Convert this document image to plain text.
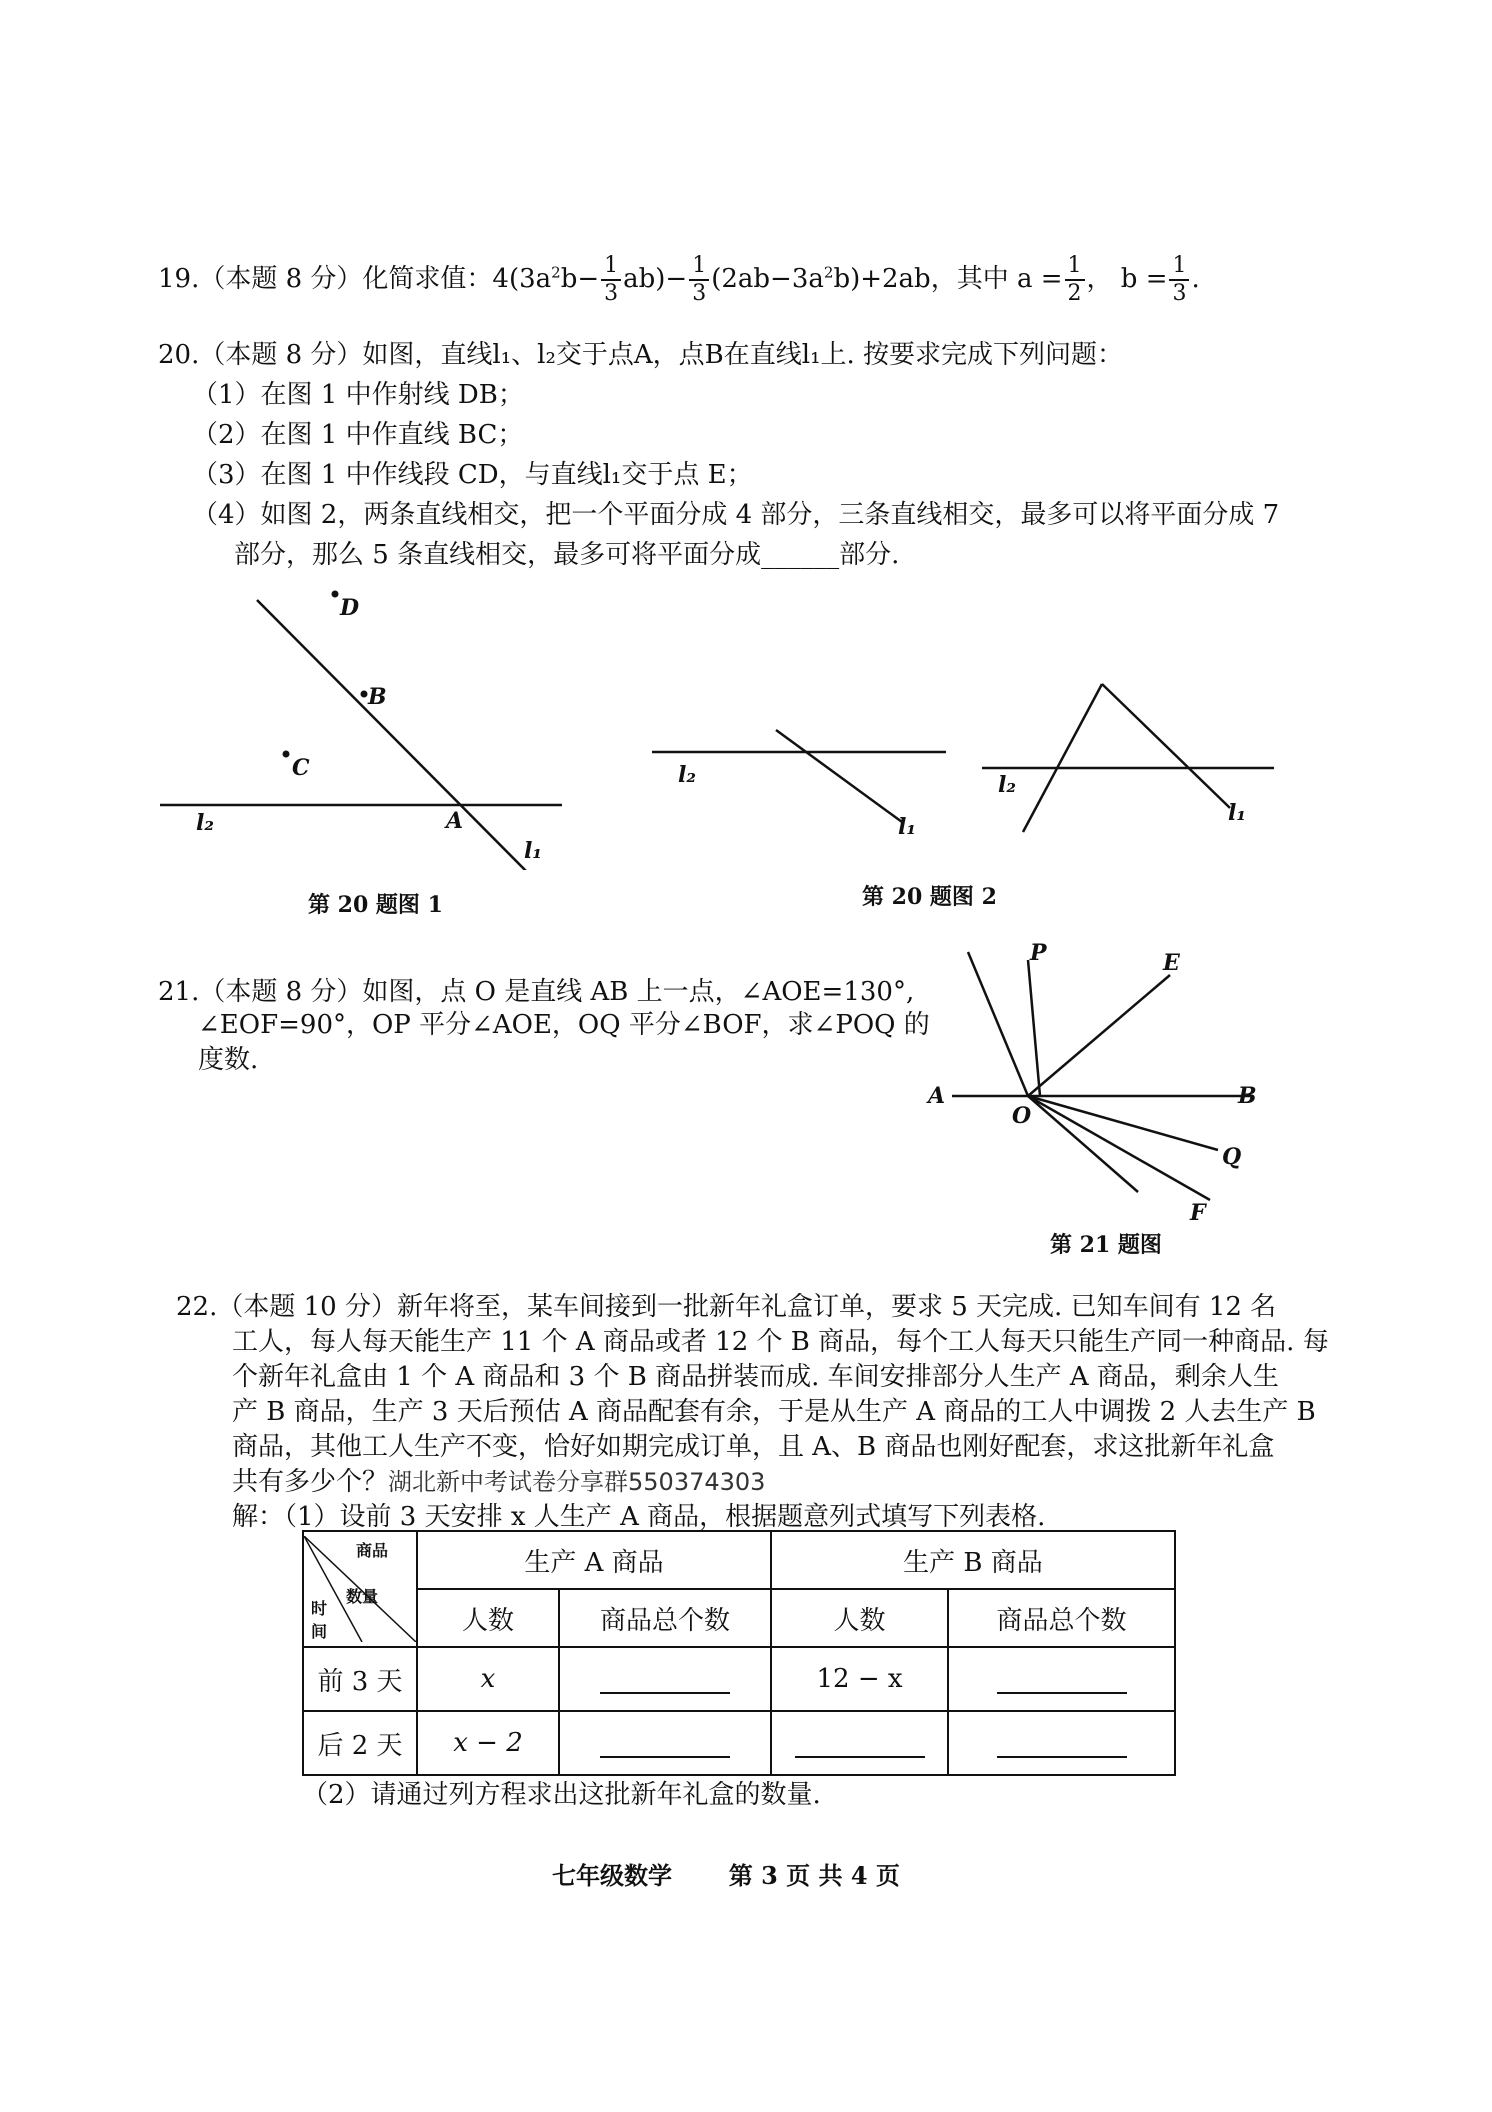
19.（本题 8 分）化简求值：$4(3a^2b- \frac{1}{3} ab)- \frac{1}{3} (2ab-3a^2b)+2ab$，其中 $a = \frac{1}{2}$ ， $b = \frac{1}{3}$ .
20.（本题 8 分）如图，直线l₁、l₂交于点A，点B在直线l₁上. 按要求完成下列问题：
（1）在图 1 中作射线 DB；
（2）在图 1 中作直线 BC；
（3）在图 1 中作线段 CD，与直线l₁交于点 E；
（4）如图 2，两条直线相交，把一个平面分成 4 部分，三条直线相交，最多可以将平面分成 7
部分，那么 5 条直线相交，最多可将平面分成______部分.
D
B
C
A
l₂
l₁
第 20 题图 1
l₂
l₁
l₂
l₁
第 20 题图 2
21.（本题 8 分）如图，点 O 是直线 AB 上一点，∠AOE=130°,
∠EOF=90°，OP 平分∠AOE，OQ 平分∠BOF，求∠POQ 的
度数.
P	E
A
O
B
Q
F
第 21 题图
22.（本题 10 分）新年将至，某车间接到一批新年礼盒订单，要求 5 天完成. 已知车间有 12 名
工人，每人每天能生产 11 个 A 商品或者 12 个 B 商品，每个工人每天只能生产同一种商品. 每
个新年礼盒由 1 个 A 商品和 3 个 B 商品拼装而成. 车间安排部分人生产 A 商品，剩余人生
产 B 商品，生产 3 天后预估 A 商品配套有余，于是从生产 A 商品的工人中调拨 2 人去生产 B
商品，其他工人生产不变，恰好如期完成订单，且 A、B 商品也刚好配套，求这批新年礼盒
共有多少个？湖北新中考试卷分享群550374303
解：（1）设前 3 天安排 x 人生产 A 商品，根据题意列式填写下列表格.
商品
数量
时间	生产 A 商品		生产 B 商品	
	人数	商品总个数	人数	商品总个数
前 3 天	x		12 − x	
后 2 天	x − 2			
（2）请通过列方程求出这批新年礼盒的数量.
七年级数学 第 3 页 共 4 页
